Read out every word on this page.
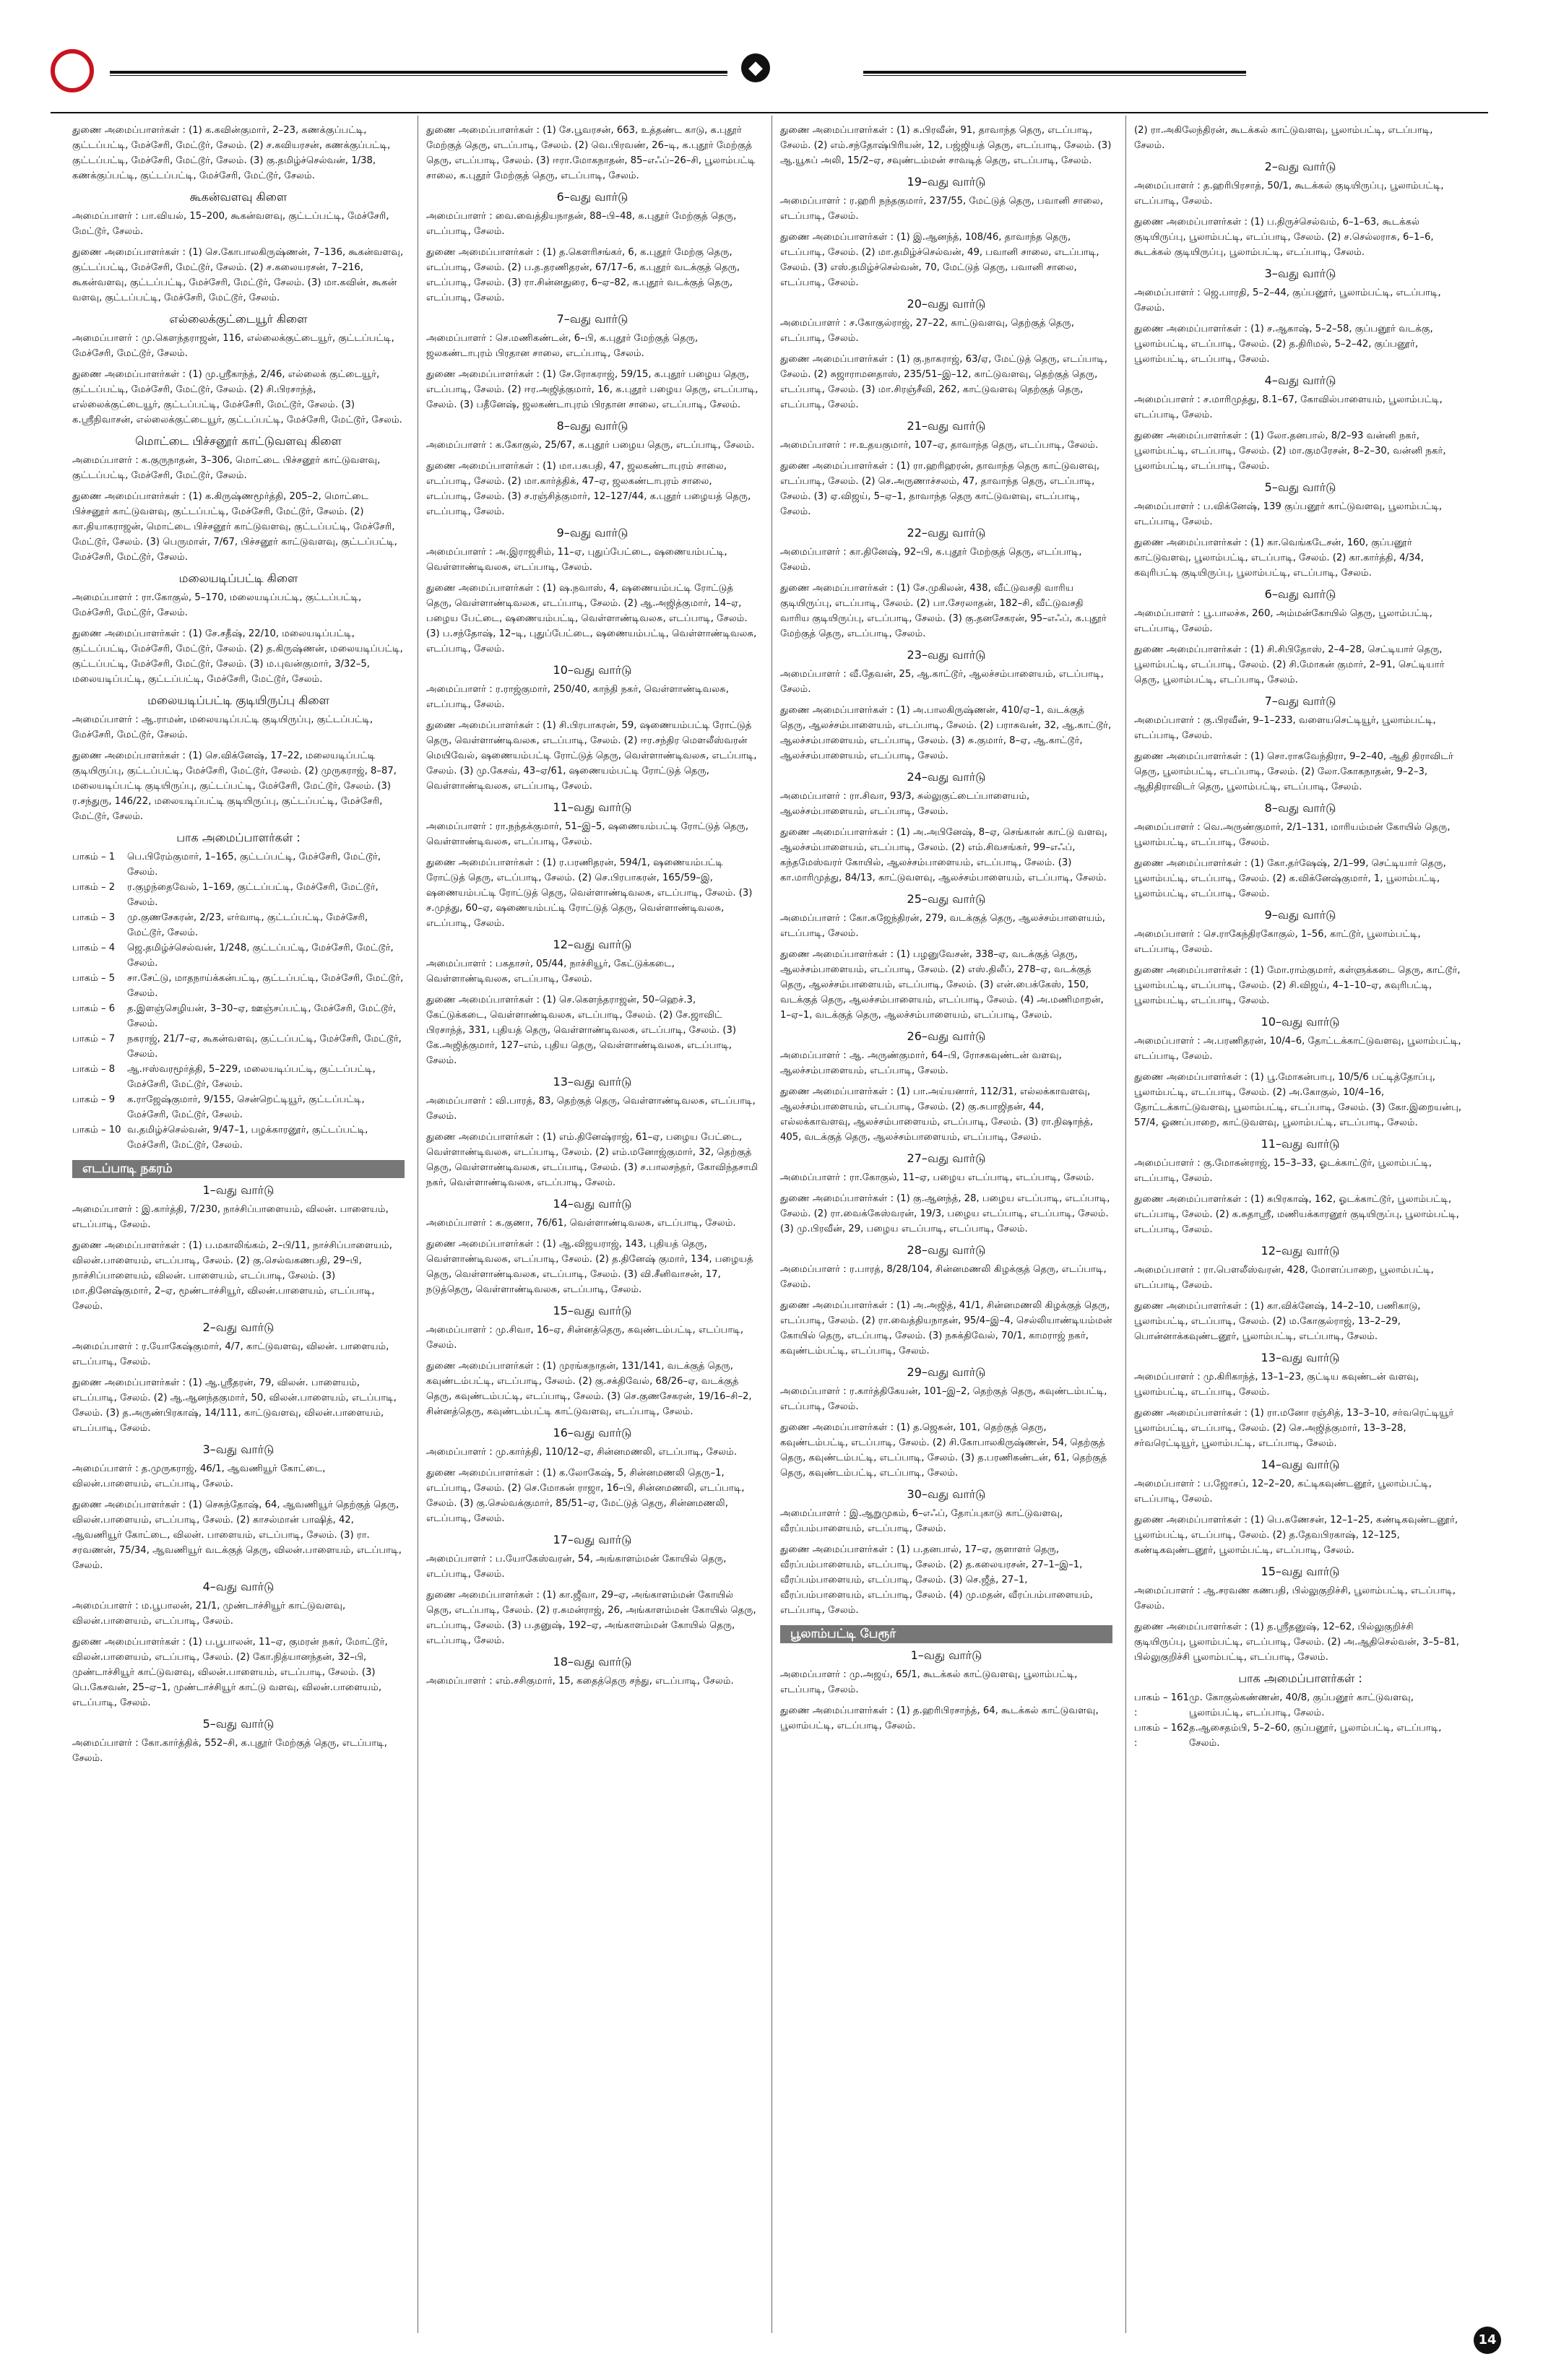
◆

துணை அமைப்பாளர்கள் : (1) க.கவின்குமார், 2–23, கணக்குப்பட்டி, குட்டப்பட்டி, மேச்சேரி, மேட்டூர், சேலம். (2) ச.கவியரசன், கணக்குப்பட்டி, குட்டப்பட்டி, மேச்சேரி, மேட்டூர், சேலம். (3) கு.தமிழ்ச்செல்வன், 1/38, கணக்குப்பட்டி, குட்டப்பட்டி, மேச்சேரி, மேட்டூர், சேலம்.

கூகன்வளவு கிளை

அமைப்பாளர் : பா.வியல், 15–200, கூகன்வளவு, குட்டப்பட்டி, மேச்சேரி, மேட்டூர், சேலம்.

துணை அமைப்பாளர்கள் : (1) செ.கோபாலகிருஷ்ணன், 7–136, கூகன்வளவு, குட்டப்பட்டி, மேச்சேரி, மேட்டூர், சேலம். (2) ச.கலையரசன், 7–216, கூகன்வளவு, குட்டப்பட்டி, மேச்சேரி, மேட்டூர், சேலம். (3) மா.கவின், கூகன் வளவு, குட்டப்பட்டி, மேச்சேரி, மேட்டூர், சேலம்.

எல்லைக்குட்டையூர் கிளை

அமைப்பாளர் : மு.கௌந்தராஜன், 116, எல்லைக்குட்டையூர், குட்டப்பட்டி, மேச்சேரி, மேட்டூர், சேலம்.

துணை அமைப்பாளர்கள் : (1) மு.ஸ்ரீகாந்த், 2/46, எல்லைக் குட்டையூர், குட்டப்பட்டி, மேச்சேரி, மேட்டூர், சேலம். (2) சி.பிரசாந்த், எல்லைக்குட்டையூர், குட்டப்பட்டி, மேச்சேரி, மேட்டூர், சேலம். (3) க.ஸ்ரீநிவாசன், எல்லைக்குட்டையூர், குட்டப்பட்டி, மேச்சேரி, மேட்டூர், சேலம்.

மொட்டை பிச்சனூர் காட்டுவளவு கிளை

அமைப்பாளர் : க.குருநாதன், 3–306, மொட்டை பிச்சனூர் காட்டுவளவு, குட்டப்பட்டி, மேச்சேரி, மேட்டூர், சேலம்.

துணை அமைப்பாளர்கள் : (1) க.கிருஷ்ணமூர்த்தி, 205–2, மொட்டை பிச்சனூர் காட்டுவளவு, குட்டப்பட்டி, மேச்சேரி, மேட்டூர், சேலம். (2) கா.தியாகராஜன், மொட்டை பிச்சனூர் காட்டுவளவு, குட்டப்பட்டி, மேச்சேரி, மேட்டூர், சேலம். (3) பெருமாள், 7/67, பிச்சனூர் காட்டுவளவு, குட்டப்பட்டி, மேச்சேரி, மேட்டூர், சேலம்.

மலையடிப்பட்டி கிளை

அமைப்பாளர் : ரா.கோகுல், 5–170, மலையடிப்பட்டி, குட்டப்பட்டி, மேச்சேரி, மேட்டூர், சேலம்.

துணை அமைப்பாளர்கள் : (1) சே.சதீஷ், 22/10, மலையடிப்பட்டி, குட்டப்பட்டி, மேச்சேரி, மேட்டூர், சேலம். (2) த.கிருஷ்ணன், மலையடிப்பட்டி, குட்டப்பட்டி, மேச்சேரி, மேட்டூர், சேலம். (3) ம.புவன்குமார், 3/32–5, மலையடிப்பட்டி, குட்டப்பட்டி, மேச்சேரி, மேட்டூர், சேலம்.

மலையடிப்பட்டி குடியிருப்பு கிளை

அமைப்பாளர் : ஆ.ராமன், மலையடிப்பட்டி குடியிருப்பு, குட்டப்பட்டி, மேச்சேரி, மேட்டூர், சேலம்.

துணை அமைப்பாளர்கள் : (1) செ.விக்னேஷ், 17–22, மலையடிப்பட்டி குடியிருப்பு, குட்டப்பட்டி, மேச்சேரி, மேட்டூர், சேலம். (2) முருகராஜ், 8–87, மலையடிப்பட்டி குடியிருப்பு, குட்டப்பட்டி, மேச்சேரி, மேட்டூர், சேலம். (3) ர.சந்துரு, 146/22, மலையடிப்பட்டி குடியிருப்பு, குட்டப்பட்டி, மேச்சேரி, மேட்டூர், சேலம்.

பாக அமைப்பாளர்கள் :
பாகம் – 1	பெ.பிரேம்குமார், 1–165, குட்டப்பட்டி, மேச்சேரி, மேட்டூர், சேலம்.
பாகம் – 2	ர.குழந்தைவேல், 1–169, குட்டப்பட்டி, மேச்சேரி, மேட்டூர், சேலம்.
பாகம் – 3	மு.குணசேகரன், 2/23, எர்வாடி, குட்டப்பட்டி, மேச்சேரி, மேட்டூர், சேலம்.
பாகம் – 4	ஜெ.தமிழ்ச்செல்வன், 1/248, குட்டப்பட்டி, மேச்சேரி, மேட்டூர், சேலம்.
பாகம் – 5	சா.சேட்டு, மாதநாய்க்கன்பட்டி, குட்டப்பட்டி, மேச்சேரி, மேட்டூர், சேலம்.
பாகம் – 6	த.இளஞ்செழியன், 3–30–ஏ, ஊஞ்சப்பட்டி, மேச்சேரி, மேட்டூர், சேலம்.
பாகம் – 7	நகராஜ், 21/7–ஏ, கூகன்வளவு, குட்டப்பட்டி, மேச்சேரி, மேட்டூர், சேலம்.
பாகம் – 8	ஆ.ஈஸ்வரமூர்த்தி, 5–229, மலையடிப்பட்டி, குட்டப்பட்டி, மேச்சேரி, மேட்டூர், சேலம்.
பாகம் – 9	க.ராஜேஷ்குமார், 9/155, சென்றெட்டியூர், குட்டப்பட்டி, மேச்சேரி, மேட்டூர், சேலம்.
பாகம் – 10 வ.தமிழ்ச்செல்வன், 9/47–1, பழக்காரனூர், குட்டப்பட்டி, மேச்சேரி, மேட்டூர், சேலம்.
எடப்பாடி நகரம்
1–வது வார்டு

அமைப்பாளர் : இ.கார்த்தி, 7/230, நாச்சிப்பாளையம், விலன். பாளையம், எடப்பாடி, சேலம்.

துணை அமைப்பாளர்கள் : (1) ப.மகாலிங்கம், 2–பி/11, நாச்சிப்பாளையம், விலன்.பாளையம், எடப்பாடி, சேலம். (2) கு.செல்வகணபதி, 29–பி, நாச்சிப்பாளையம், விலன். பாளையம், எடப்பாடி, சேலம். (3) மா.தினேஷ்குமார், 2–ஏ, மூண்டாச்சியூர், விலன்.பாளையம், எடப்பாடி, சேலம்.

2–வது வார்டு

அமைப்பாளர் : ர.யோகேஷ்குமார், 4/7, காட்டுவளவு, விலன். பாளையம், எடப்பாடி, சேலம்.

துணை அமைப்பாளர்கள் : (1) ஆ.ஸ்ரீதரன், 79, விலன். பாளையம், எடப்பாடி, சேலம். (2) ஆ.ஆனந்தகுமார், 50, விலன்.பாளையம், எடப்பாடி, சேலம். (3) த.அருண்பிரகாஷ், 14/111, காட்டுவளவு, விலன்.பாளையம், எடப்பாடி, சேலம்.

3–வது வார்டு

அமைப்பாளர் : த.முருகராஜ், 46/1, ஆவணியூர் கோட்டை, விலன்.பாளையம், எடப்பாடி, சேலம்.

துணை அமைப்பாளர்கள் : (1) செசுந்தோஷ், 64, ஆவணியூர் தெற்குத் தெரு, விலன்.பாளையம், எடப்பாடி, சேலம். (2) காசல்மான் பாஷித், 42, ஆவணியூர் கோட்டை, விலன். பாளையம், எடப்பாடி, சேலம். (3) ரா. சரவணன், 75/34, ஆவணியூர் வடக்குத் தெரு, விலன்.பாளையம், எடப்பாடி, சேலம்.

4–வது வார்டு

அமைப்பாளர் : ம.பூபாலன், 21/1, முண்டாச்சியூர் காட்டுவளவு, விலன்.பாளையம், எடப்பாடி, சேலம்.

துணை அமைப்பாளர்கள் : (1) ப.பூபாலன், 11–ஏ, குமரன் நகர், மோட்டூர், விலன்.பாளையம், எடப்பாடி, சேலம். (2) கோ.நித்யானந்தன், 32–பி, முண்டாச்சியூர் காட்டுவளவு, விலன்.பாளையம், எடப்பாடி, சேலம். (3) பெ.கேசவன், 25–ஏ–1, முண்டாச்சியூர் காட்டு வளவு, விலன்.பாளையம், எடப்பாடி, சேலம்.

5–வது வார்டு

அமைப்பாளர் : கோ.கார்த்திக், 552–சி, க.புதூர் மேற்குத் தெரு, எடப்பாடி, சேலம்.

துணை அமைப்பாளர்கள் : (1) சே.பூவரசன், 663, உத்தண்ட காடு, க.புதூர் மேற்குத் தெரு, எடப்பாடி, சேலம். (2) வெ.பிரவண், 26–டி, க.புதூர் மேற்குத் தெரு, எடப்பாடி, சேலம். (3) ஈரா.மோகநாதன், 85–எஃப்–26–சி, பூலாம்பட்டி சாலை, க.புதூர் மேற்குத் தெரு, எடப்பாடி, சேலம்.

6–வது வார்டு

அமைப்பாளர் : வை.வைத்தியநாதன், 88–பி–48, க.புதூர் மேற்குத் தெரு, எடப்பாடி, சேலம்.

துணை அமைப்பாளர்கள் : (1) த.கௌரிசங்கர், 6, க.புதூர் மேற்கு தெரு, எடப்பாடி, சேலம். (2) ப.த.தரணிதரன், 67/17–6, க.புதூர் வடக்குத் தெரு, எடப்பாடி, சேலம். (3) ரா.சின்னதுரை, 6–ஏ–82, க.புதூர் வடக்குத் தெரு, எடப்பாடி, சேலம்.

7–வது வார்டு

அமைப்பாளர் : செ.மணிகண்டன், 6–பி, க.புதூர் மேற்குத் தெரு, ஜலகண்டாபுரம் பிரதான சாலை, எடப்பாடி, சேலம்.

துணை அமைப்பாளர்கள் : (1) சே.ரோகராஜ், 59/15, க.புதூர் பழைய தெரு, எடப்பாடி, சேலம். (2) ஈர.அஜித்குமார், 16, க.புதூர் பழைய தெரு, எடப்பாடி, சேலம். (3) பதீனேஷ், ஜலகண்டாபுரம் பிரதான சாலை, எடப்பாடி, சேலம்.

8–வது வார்டு

அமைப்பாளர் : க.கோகுல், 25/67, க.புதூர் பழைய தெரு, எடப்பாடி, சேலம்.

துணை அமைப்பாளர்கள் : (1) மா.பசுபதி, 47, ஜலகண்டாபுரம் சாலை, எடப்பாடி, சேலம். (2) மா.கார்த்திக், 47–ஏ, ஜலகண்டாபுரம் சாலை, எடப்பாடி, சேலம். (3) ச.ரஞ்சித்குமார், 12–127/44, க.புதூர் பழையத் தெரு, எடப்பாடி, சேலம்.

9–வது வார்டு

அமைப்பாளர் : அ.இராஜசிம், 11–ஏ, புதுப்பேட்டை, ஷணையம்பட்டி, வெள்ளாண்டிவலசு, எடப்பாடி, சேலம்.

துணை அமைப்பாளர்கள் : (1) ஷ.நவாஸ், 4, ஷணையம்பட்டி ரோட்டுத் தெரு, வெள்ளாண்டிவலசு, எடப்பாடி, சேலம். (2) ஆ.அஜித்குமார், 14–ஏ, பழைய பேட்டை, ஷணையம்பட்டி, வெள்ளாண்டிவலசு, எடப்பாடி, சேலம். (3) ப.சந்தோஷ், 12–டி, புதுப்பேட்டை, ஷணையம்பட்டி, வெள்ளாண்டிவலசு, எடப்பாடி, சேலம்.

10–வது வார்டு

அமைப்பாளர் : ர.ராஜ்குமார், 250/40, காந்தி நகர், வெள்ளாண்டிவலசு, எடப்பாடி, சேலம்.

துணை அமைப்பாளர்கள் : (1) சி.பிரபாகரன், 59, ஷணையம்பட்டி ரோட்டுத் தெரு, வெள்ளாண்டிவலசு, எடப்பாடி, சேலம். (2) ஈர.சந்திர மௌலீஸ்வரன் மெயிவேல், ஷணையம்பட்டி ரோட்டுத் தெரு, வெள்ளாண்டிவலசு, எடப்பாடி, சேலம். (3) மு.கேசவ், 43–ஏ/61, ஷணையம்பட்டி ரோட்டுத் தெரு, வெள்ளாண்டிவலசு, எடப்பாடி, சேலம்.

11–வது வார்டு

அமைப்பாளர் : ரா.நந்தக்குமார், 51–இ–5, ஷணையம்பட்டி ரோட்டுத் தெரு, வெள்ளாண்டிவலசு, எடப்பாடி, சேலம்.

துணை அமைப்பாளர்கள் : (1) ர.பரணிதரன், 594/1, ஷணையம்பட்டி ரோட்டுத் தெரு, எடப்பாடி, சேலம். (2) செ.பிரபாகரன், 165/59–இ, ஷணையம்பட்டி ரோட்டுத் தெரு, வெள்ளாண்டிவலசு, எடப்பாடி, சேலம். (3) ச.முத்து, 60–ஏ, ஷணையம்பட்டி ரோட்டுத் தெரு, வெள்ளாண்டிவலசு, எடப்பாடி, சேலம்.

12–வது வார்டு

அமைப்பாளர் : பகதாசர், 05/44, நாச்சியூர், கேட்டுக்கடை, வெள்ளாண்டிவலசு, எடப்பாடி, சேலம்.

துணை அமைப்பாளர்கள் : (1) செ.கௌந்தராஜன், 50–ஹெச்.3, கேட்டுக்கடை, வெள்ளாண்டிவலசு, எடப்பாடி, சேலம். (2) சே.ஜாவிட் பிரசாந்த், 331, புதியத் தெரு, வெள்ளாண்டிவலசு, எடப்பாடி, சேலம். (3) கே.அஜித்குமார், 127–எம், புதிய தெரு, வெள்ளாண்டிவலசு, எடப்பாடி, சேலம்.

13–வது வார்டு

அமைப்பாளர் : வி.பாரத், 83, தெற்குத் தெரு, வெள்ளாண்டிவலசு, எடப்பாடி, சேலம்.

துணை அமைப்பாளர்கள் : (1) எம்.தினேஷ்ராஜ், 61–ஏ, பழைய பேட்டை, வெள்ளாண்டிவலசு, எடப்பாடி, சேலம். (2) எம்.மனோஜ்குமார், 32, தெற்குத் தெரு, வெள்ளாண்டிவலசு, எடப்பாடி, சேலம். (3) ச.பாலசந்தர், கோவிந்தசாமி நகர், வெள்ளாண்டிவலசு, எடப்பாடி, சேலம்.

14–வது வார்டு

அமைப்பாளர் : க.குணா, 76/61, வெள்ளாண்டிவலசு, எடப்பாடி, சேலம்.

துணை அமைப்பாளர்கள் : (1) ஆ.விஜயராஜ், 143, புதியத் தெரு, வெள்ளாண்டிவலசு, எடப்பாடி, சேலம். (2) த.தினேஷ் குமார், 134, பழையத் தெரு, வெள்ளாண்டிவலசு, எடப்பாடி, சேலம். (3) வி.சீனிவாசன், 17, நடுத்தெரு, வெள்ளாண்டிவலசு, எடப்பாடி, சேலம்.

15–வது வார்டு

அமைப்பாளர் : மு.சிவா, 16–ஏ, சின்னத்தெரு, கவுண்டம்பட்டி, எடப்பாடி, சேலம்.

துணை அமைப்பாளர்கள் : (1) முரங்கநாதன், 131/141, வடக்குத் தெரு, கவுண்டம்பட்டி, எடப்பாடி, சேலம். (2) கு.சக்திவேல், 68/26–ஏ, வடக்குத் தெரு, கவுண்டம்பட்டி, எடப்பாடி, சேலம். (3) செ.குணசேகரன், 19/16–சி–2, சின்னத்தெரு, கவுண்டம்பட்டி காட்டுவளவு, எடப்பாடி, சேலம்.

16–வது வார்டு

அமைப்பாளர் : மு.கார்த்தி, 110/12–ஏ, சின்னமணலி, எடப்பாடி, சேலம்.

துணை அமைப்பாளர்கள் : (1) க.லோகேஷ், 5, சின்னமணலி தெரு–1, எடப்பாடி, சேலம். (2) செ.மோகன் ராஜா, 16–பி, சின்னமணலி, எடப்பாடி, சேலம். (3) கு.செல்வக்குமார், 85/51–ஏ, மேட்டுத் தெரு, சின்னமணலி, எடப்பாடி, சேலம்.

17–வது வார்டு

அமைப்பாளர் : ப.யோகேஸ்வரன், 54, அங்காளம்மன் கோயில் தெரு, எடப்பாடி, சேலம்.

துணை அமைப்பாளர்கள் : (1) கா.ஜீவா, 29–ஏ, அங்காளம்மன் கோயில் தெரு, எடப்பாடி, சேலம். (2) ர.சுமன்ராஜ், 26, அங்காளம்மன் கோயில் தெரு, எடப்பாடி, சேலம். (3) ப.தனுஷ், 192–ஏ, அங்காளம்மன் கோயில் தெரு, எடப்பாடி, சேலம்.

18–வது வார்டு

அமைப்பாளர் : எம்.சசிகுமார், 15, கதைத்தெரு சந்து, எடப்பாடி, சேலம்.

துணை அமைப்பாளர்கள் : (1) சு.பிரவீன், 91, தாவாந்த தெரு, எடப்பாடி, சேலம். (2) எம்.சந்தோஷ்பிரியன், 12, பஜ்ஜியத் தெரு, எடப்பாடி, சேலம். (3) ஆ.யூசுப் அலி, 15/2–ஏ, சவுண்டம்மன் சாவடித் தெரு, எடப்பாடி, சேலம்.

19–வது வார்டு

அமைப்பாளர் : ர.ஹரி நந்தகுமார், 237/55, மேட்டுத் தெரு, பவானி சாலை, எடப்பாடி, சேலம்.

துணை அமைப்பாளர்கள் : (1) இ.ஆனந்த், 108/46, தாவாந்த தெரு, எடப்பாடி, சேலம். (2) மா.தமிழ்ச்செல்வன், 49, பவானி சாலை, எடப்பாடி, சேலம். (3) எஸ்.தமிழ்ச்செல்வன், 70, மேட்டுத் தெரு, பவானி சாலை, எடப்பாடி, சேலம்.

20–வது வார்டு

அமைப்பாளர் : ச.கோகுல்ராஜ், 27–22, காட்டுவளவு, தெற்குத் தெரு, எடப்பாடி, சேலம்.

துணை அமைப்பாளர்கள் : (1) கு.நாகராஜ், 63/ஏ, மேட்டுத் தெரு, எடப்பாடி, சேலம். (2) சுஜாராமனதாஸ், 235/51–இ–12, காட்டுவளவு, தெற்குத் தெரு, எடப்பாடி, சேலம். (3) மா.சிரஞ்சீவி, 262, காட்டுவளவு தெற்குத் தெரு, எடப்பாடி, சேலம்.

21–வது வார்டு

அமைப்பாளர் : ஈ.உதயகுமார், 107–ஏ, தாவாந்த தெரு, எடப்பாடி, சேலம்.

துணை அமைப்பாளர்கள் : (1) ரா.ஹரிஹரன், தாவாந்த தெரு காட்டுவளவு, எடப்பாடி, சேலம். (2) செ.அருணாச்சலம், 47, தாவாந்த தெரு, எடப்பாடி, சேலம். (3) ஏ.விஜய், 5–ஏ–1, தாவாந்த தெரு காட்டுவளவு, எடப்பாடி, சேலம்.

22–வது வார்டு

அமைப்பாளர் : கா.தினேஷ், 92–பி, க.புதூர் மேற்குத் தெரு, எடப்பாடி, சேலம்.

துணை அமைப்பாளர்கள் : (1) சே.முகிலன், 438, வீட்டுவசதி வாரிய குடியிருப்பு, எடப்பாடி, சேலம். (2) பா.சேரலாதன், 182–சி, வீட்டுவசதி வாரிய குடியிருப்பு, எடப்பாடி, சேலம். (3) கு.தனசேகரன், 95–எஃப், க.புதூர் மேற்குத் தெரு, எடப்பாடி, சேலம்.

23–வது வார்டு

அமைப்பாளர் : வீ.தேவன், 25, ஆ.காட்டூர், ஆலச்சம்பாளையம், எடப்பாடி, சேலம்.

துணை அமைப்பாளர்கள் : (1) அ.பாலகிருஷ்ணன், 410/ஏ–1, வடக்குத் தெரு, ஆலச்சம்பாளையம், எடப்பாடி, சேலம். (2) பராசுவன், 32, ஆ.காட்டூர், ஆலச்சம்பாளையம், எடப்பாடி, சேலம். (3) சு.குமார், 8–ஏ, ஆ.காட்டூர், ஆலச்சம்பாளையம், எடப்பாடி, சேலம்.

24–வது வார்டு

அமைப்பாளர் : ரா.சிவா, 93/3, சுல்லுகுட்டைப்பாளையம், ஆலச்சம்பாளையம், எடப்பாடி, சேலம்.

துணை அமைப்பாளர்கள் : (1) அ.அபினேஷ், 8–ஏ, செங்கான் காட்டு வளவு, ஆலச்சம்பாளையம், எடப்பாடி, சேலம். (2) எம்.சிவசங்கர், 99–எஃப், கந்தமேஸ்வரர் கோயில், ஆலச்சம்பாளையம், எடப்பாடி, சேலம். (3) கா.மாரிமுத்து, 84/13, காட்டுவளவு, ஆலச்சம்பாளையம், எடப்பாடி, சேலம்.

25–வது வார்டு

அமைப்பாளர் : கோ.சுஜேந்திரன், 279, வடக்குத் தெரு, ஆலச்சம்பாளையம், எடப்பாடி, சேலம்.

துணை அமைப்பாளர்கள் : (1) பழனுவேசன், 338–ஏ, வடக்குத் தெரு, ஆலச்சம்பாளையம், எடப்பாடி, சேலம். (2) எஸ்.திலீப், 278–ஏ, வடக்குத் தெரு, ஆலச்சம்பாளையம், எடப்பாடி, சேலம். (3) என்.பைக்கேஸ், 150, வடக்குத் தெரு, ஆலச்சம்பாளையம், எடப்பாடி, சேலம். (4) அ.மணிமாறன், 1–ஏ–1, வடக்குத் தெரு, ஆலச்சம்பாளையம், எடப்பாடி, சேலம்.

26–வது வார்டு

அமைப்பாளர் : ஆ. அருண்குமார், 64–பி, ரோசகவுண்டன் வளவு, ஆலச்சம்பாளையம், எடப்பாடி, சேலம்.

துணை அமைப்பாளர்கள் : (1) பா.அய்யனார், 112/31, எல்லக்காவளவு, ஆலச்சம்பாளையம், எடப்பாடி, சேலம். (2) கு.சுபாஜிதன், 44, எல்லக்காவளவு, ஆலச்சம்பாளையம், எடப்பாடி, சேலம். (3) ரா.நிஷாந்த், 405, வடக்குத் தெரு, ஆலச்சம்பாளையம், எடப்பாடி, சேலம்.

27–வது வார்டு

அமைப்பாளர் : ரா.கோகுல், 11–ஏ, பழைய எடப்பாடி, எடப்பாடி, சேலம்.

துணை அமைப்பாளர்கள் : (1) கு.ஆனந்த், 28, பழைய எடப்பாடி, எடப்பாடி, சேலம். (2) ரா.வைக்கேஸ்வரன், 19/3, பழைய எடப்பாடி, எடப்பாடி, சேலம். (3) மு.பிரவீன், 29, பழைய எடப்பாடி, எடப்பாடி, சேலம்.

28–வது வார்டு

அமைப்பாளர் : ர.பாரத், 8/28/104, சின்னமணலி கிழக்குத் தெரு, எடப்பாடி, சேலம்.

துணை அமைப்பாளர்கள் : (1) அ.அஜித், 41/1, சின்னமணலி கிழக்குத் தெரு, எடப்பாடி, சேலம். (2) ரா.வைத்தியநாதன், 95/4–இ–4, செல்லியாண்டியம்மன் கோயில் தெரு, எடப்பாடி, சேலம். (3) நசுக்திவேல், 70/1, காமராஜ் நகர், கவுண்டம்பட்டி, எடப்பாடி, சேலம்.

29–வது வார்டு

அமைப்பாளர் : ர.கார்த்திகேயன், 101–இ–2, தெற்குத் தெரு, கவுண்டம்பட்டி, எடப்பாடி, சேலம்.

துணை அமைப்பாளர்கள் : (1) த.ஜெகன், 101, தெற்குத் தெரு, கவுண்டம்பட்டி, எடப்பாடி, சேலம். (2) சி.கோபாலகிருஷ்ணன், 54, தெற்குத் தெரு, கவுண்டம்பட்டி, எடப்பாடி, சேலம். (3) த.பரணிகண்டன், 61, தெற்குத் தெரு, கவுண்டம்பட்டி, எடப்பாடி, சேலம்.

30–வது வார்டு

அமைப்பாளர் : இ.ஆறுமுகம், 6–எஃப், தோப்புகாடு காட்டுவளவு, வீரப்பம்பாளையம், எடப்பாடி, சேலம்.

துணை அமைப்பாளர்கள் : (1) ப.தனபால், 17–ஏ, குளாளர் தெரு, வீரப்பம்பாளையம், எடப்பாடி, சேலம். (2) த.கலையரசன், 27–1–இ–1, வீரப்பம்பாளையம், எடப்பாடி, சேலம். (3) செ.ஜீத், 27–1, வீரப்பம்பாளையம், எடப்பாடி, சேலம். (4) மு.மதன், வீரப்பம்பாளையம், எடப்பாடி, சேலம்.

பூலாம்பட்டி பேரூர்
1–வது வார்டு

அமைப்பாளர் : மு.அஜய், 65/1, கூடக்கல் காட்டுவளவு, பூலாம்பட்டி, எடப்பாடி, சேலம்.

துணை அமைப்பாளர்கள் : (1) த.ஹரிபிரசாந்த், 64, கூடக்கல் காட்டுவளவு, பூலாம்பட்டி, எடப்பாடி, சேலம்.

(2) ரா.அகிலேந்திரன், கூடக்கல் காட்டுவளவு, பூலாம்பட்டி, எடப்பாடி, சேலம்.

2–வது வார்டு

அமைப்பாளர் : த.ஹரிபிரசாத், 50/1, கூடக்கல் குடியிருப்பு, பூலாம்பட்டி, எடப்பாடி, சேலம்.

துணை அமைப்பாளர்கள் : (1) ப.திருச்செல்வம், 6–1–63, கூடக்கல் குடியிருப்பு, பூலாம்பட்டி, எடப்பாடி, சேலம். (2) ச.செல்லராசு, 6–1–6, கூடக்கல் குடியிருப்பு, பூலாம்பட்டி, எடப்பாடி, சேலம்.

3–வது வார்டு

அமைப்பாளர் : ஜெ.பாரதி, 5–2–44, குப்பனூர், பூலாம்பட்டி, எடப்பாடி, சேலம்.

துணை அமைப்பாளர்கள் : (1) ச.ஆகாஷ், 5–2–58, குப்பனூர் வடக்கு, பூலாம்பட்டி, எடப்பாடி, சேலம். (2) த.திரிமல், 5–2–42, குப்பனூர், பூலாம்பட்டி, எடப்பாடி, சேலம்.

4–வது வார்டு

அமைப்பாளர் : ச.மாரிமுத்து, 8.1–67, கோவில்பாளையம், பூலாம்பட்டி, எடப்பாடி, சேலம்.

துணை அமைப்பாளர்கள் : (1) லோ.தனபால், 8/2–93 வன்னி நகர், பூலாம்பட்டி, எடப்பாடி, சேலம். (2) மா.குமரேசன், 8–2–30, வன்னி நகர், பூலாம்பட்டி, எடப்பாடி, சேலம்.

5–வது வார்டு

அமைப்பாளர் : ப.விக்னேஷ், 139 குப்பனூர் காட்டுவளவு, பூலாம்பட்டி, எடப்பாடி, சேலம்.

துணை அமைப்பாளர்கள் : (1) கா.வெங்கடேசன், 160, குப்பனூர் காட்டுவளவு, பூலாம்பட்டி, எடப்பாடி, சேலம். (2) கா.கார்த்தி, 4/34, கவுரிபட்டி குடியிருப்பு, பூலாம்பட்டி, எடப்பாடி, சேலம்.

6–வது வார்டு

அமைப்பாளர் : பூ.பாலச்சு, 260, அம்மன்கோயில் தெரு, பூலாம்பட்டி, எடப்பாடி, சேலம்.

துணை அமைப்பாளர்கள் : (1) சி.சிபிதோஸ், 2–4–28, செட்டியார் தெரு, பூலாம்பட்டி, எடப்பாடி, சேலம். (2) சி.மோகன் குமார், 2–91, செட்டியார் தெரு, பூலாம்பட்டி, எடப்பாடி, சேலம்.

7–வது வார்டு

அமைப்பாளர் : கு.பிரவீன், 9–1–233, வளையசெட்டியூர், பூலாம்பட்டி, எடப்பாடி, சேலம்.

துணை அமைப்பாளர்கள் : (1) சொ.ராகவேந்திரா, 9–2–40, ஆதி திராவிடர் தெரு, பூலாம்பட்டி, எடப்பாடி, சேலம். (2) லோ.கோகநாதன், 9–2–3, ஆதிதிராவிடர் தெரு, பூலாம்பட்டி, எடப்பாடி, சேலம்.

8–வது வார்டு

அமைப்பாளர் : வெ.அருண்குமார், 2/1–131, மாரியம்மன் கோயில் தெரு, பூலாம்பட்டி, எடப்பாடி, சேலம்.

துணை அமைப்பாளர்கள் : (1) கோ.தர்ஷேஷ், 2/1–99, செட்டியார் தெரு, பூலாம்பட்டி, எடப்பாடி, சேலம். (2) க.விக்னேஷ்குமார், 1, பூலாம்பட்டி, பூலாம்பட்டி, எடப்பாடி, சேலம்.

9–வது வார்டு

அமைப்பாளர் : செ.ராகேந்திரகோகுல், 1–56, காட்டூர், பூலாம்பட்டி, எடப்பாடி, சேலம்.

துணை அமைப்பாளர்கள் : (1) மோ.ராம்குமார், கள்ளுக்கடை தெரு, காட்டூர், பூலாம்பட்டி, எடப்பாடி, சேலம். (2) சி.விஜய், 4–1–10–ஏ, கவுரிபட்டி, பூலாம்பட்டி, எடப்பாடி, சேலம்.

10–வது வார்டு

அமைப்பாளர் : அ.பரணிதரன், 10/4–6, தோட்டக்காட்டுவளவு, பூலாம்பட்டி, எடப்பாடி, சேலம்.

துணை அமைப்பாளர்கள் : (1) பூ.மோகன்பாபு, 10/5/6 பட்டித்தோப்பு, பூலாம்பட்டி, எடப்பாடி, சேலம். (2) அ.கோகுல், 10/4–16, தோட்டக்காட்டுவளவு, பூலாம்பட்டி, எடப்பாடி, சேலம். (3) கோ.இறையன்பு, 57/4, ஓணப்பாறை, காட்டுவளவு, பூலாம்பட்டி, எடப்பாடி, சேலம்.

11–வது வார்டு

அமைப்பாளர் : கு.மோகன்ராஜ், 15–3–33, ஓடக்காட்டூர், பூலாம்பட்டி, எடப்பாடி, சேலம்.

துணை அமைப்பாளர்கள் : (1) சுபிரகாஷ், 162, ஓடக்காட்டூர், பூலாம்பட்டி, எடப்பாடி, சேலம். (2) க.சுதாஸ்ரீ, மணியக்காரனூர் குடியிருப்பு, பூலாம்பட்டி, எடப்பாடி, சேலம்.

12–வது வார்டு

அமைப்பாளர் : ரா.பௌலீஸ்வரன், 428, மோளப்பாறை, பூலாம்பட்டி, எடப்பாடி, சேலம்.

துணை அமைப்பாளர்கள் : (1) கா.விக்னேஷ், 14–2–10, பணிகாடு, பூலாம்பட்டி, எடப்பாடி, சேலம். (2) ம.கோகுல்ராஜ், 13–2–29, பொன்னாக்கவுண்டனூர், பூலாம்பட்டி, எடப்பாடி, சேலம்.

13–வது வார்டு

அமைப்பாளர் : மு.கிரிகாந்த், 13–1–23, குட்டிய கவுண்டன் வளவு, பூலாம்பட்டி, எடப்பாடி, சேலம்.

துணை அமைப்பாளர்கள் : (1) ரா.மனோ ரஞ்சித், 13–3–10, சர்வரெட்டியூர் பூலாம்பட்டி, எடப்பாடி, சேலம். (2) செ.அஜித்குமார், 13–3–28, சர்வரெட்டியூர், பூலாம்பட்டி, எடப்பாடி, சேலம்.

14–வது வார்டு

அமைப்பாளர் : ப.ஜோசப், 12–2–20, கட்டிகவுண்டனூர், பூலாம்பட்டி, எடப்பாடி, சேலம்.

துணை அமைப்பாளர்கள் : (1) பெ.கணேசன், 12–1–25, கண்டிகவுண்டனூர், பூலாம்பட்டி, எடப்பாடி, சேலம். (2) த.தேவபிரகாஷ், 12–125, கண்டிகவுண்டனூர், பூலாம்பட்டி, எடப்பாடி, சேலம்.

15–வது வார்டு

அமைப்பாளர் : ஆ.சரவண கணபதி, பில்லுகுறிச்சி, பூலாம்பட்டி, எடப்பாடி, சேலம்.

துணை அமைப்பாளர்கள் : (1) த.ஸ்ரீதனுஷ், 12–62, பில்லுகுறிச்சி குடியிருப்பு, பூலாம்பட்டி, எடப்பாடி, சேலம். (2) அ.ஆதிசெல்வன், 3–5–81, பில்லுகுறிச்சி பூலாம்பட்டி, எடப்பாடி, சேலம்.

பாக அமைப்பாளர்கள் :
பாகம் – 161 :
மு. கோகுல்கண்ணன், 40/8, குப்பனூர் காட்டுவளவு, பூலாம்பட்டி, எடப்பாடி, சேலம்.
பாகம் – 162 :
த.ஆசைதம்பி, 5–2–60, குப்பனூர், பூலாம்பட்டி, எடப்பாடி, சேலம்.
14
